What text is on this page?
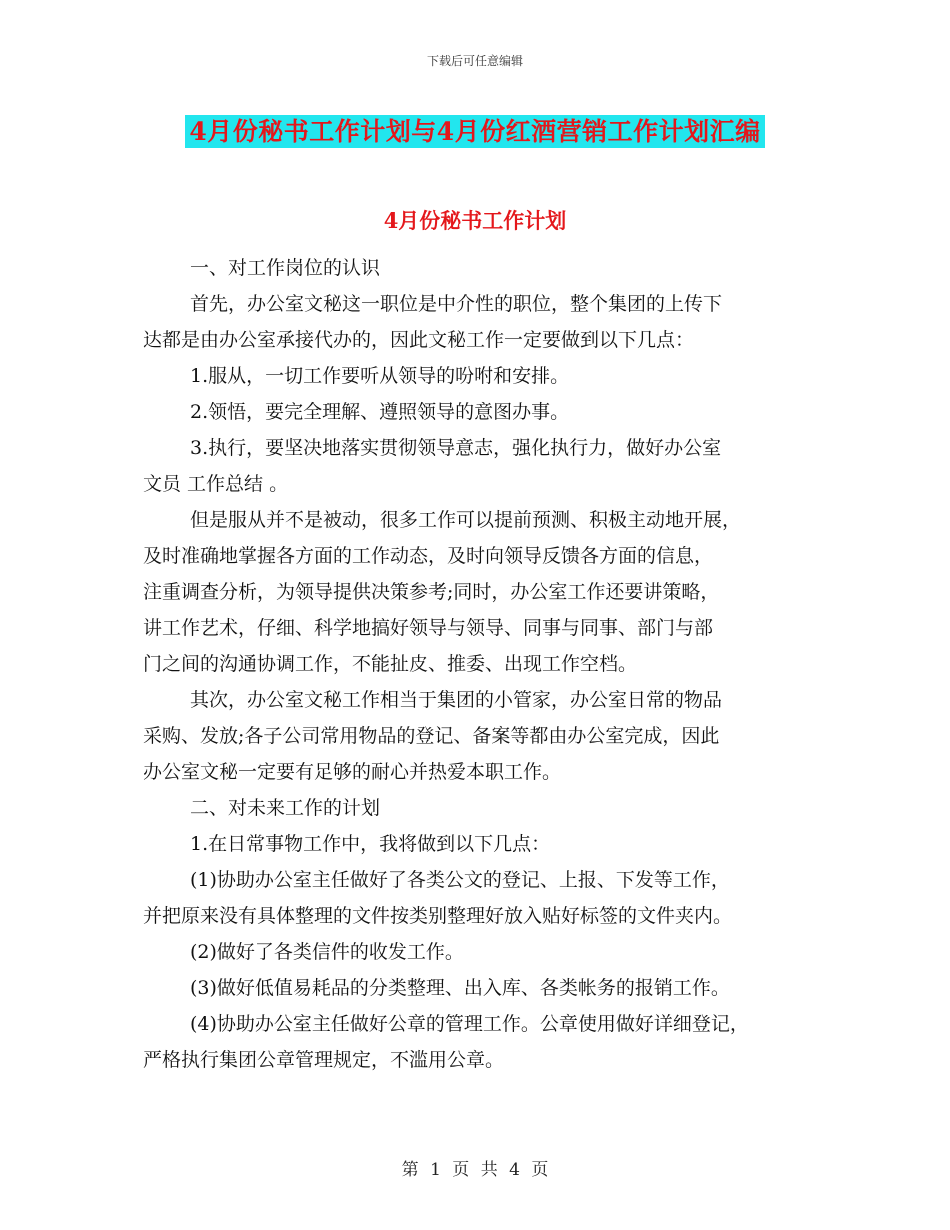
下载后可任意编辑
4月份秘书工作计划与4月份红酒营销工作计划汇编
4月份秘书工作计划

一、对工作岗位的认识

首先，办公室文秘这一职位是中介性的职位，整个集团的上传下

达都是由办公室承接代办的，因此文秘工作一定要做到以下几点：

1.服从，一切工作要听从领导的吩咐和安排。

2.领悟，要完全理解、遵照领导的意图办事。

3.执行，要坚决地落实贯彻领导意志，强化执行力，做好办公室

文员 工作总结 。

但是服从并不是被动，很多工作可以提前预测、积极主动地开展，

及时准确地掌握各方面的工作动态，及时向领导反馈各方面的信息，

注重调查分析，为领导提供决策参考;同时，办公室工作还要讲策略，

讲工作艺术，仔细、科学地搞好领导与领导、同事与同事、部门与部

门之间的沟通协调工作，不能扯皮、推委、出现工作空档。

其次，办公室文秘工作相当于集团的小管家，办公室日常的物品

采购、发放;各子公司常用物品的登记、备案等都由办公室完成，因此

办公室文秘一定要有足够的耐心并热爱本职工作。

二、对未来工作的计划

1.在日常事物工作中，我将做到以下几点：

(1)协助办公室主任做好了各类公文的登记、上报、下发等工作，

并把原来没有具体整理的文件按类别整理好放入贴好标签的文件夹内。

(2)做好了各类信件的收发工作。

(3)做好低值易耗品的分类整理、出入库、各类帐务的报销工作。

(4)协助办公室主任做好公章的管理工作。公章使用做好详细登记，

严格执行集团公章管理规定，不滥用公章。

第 1 页 共 4 页
